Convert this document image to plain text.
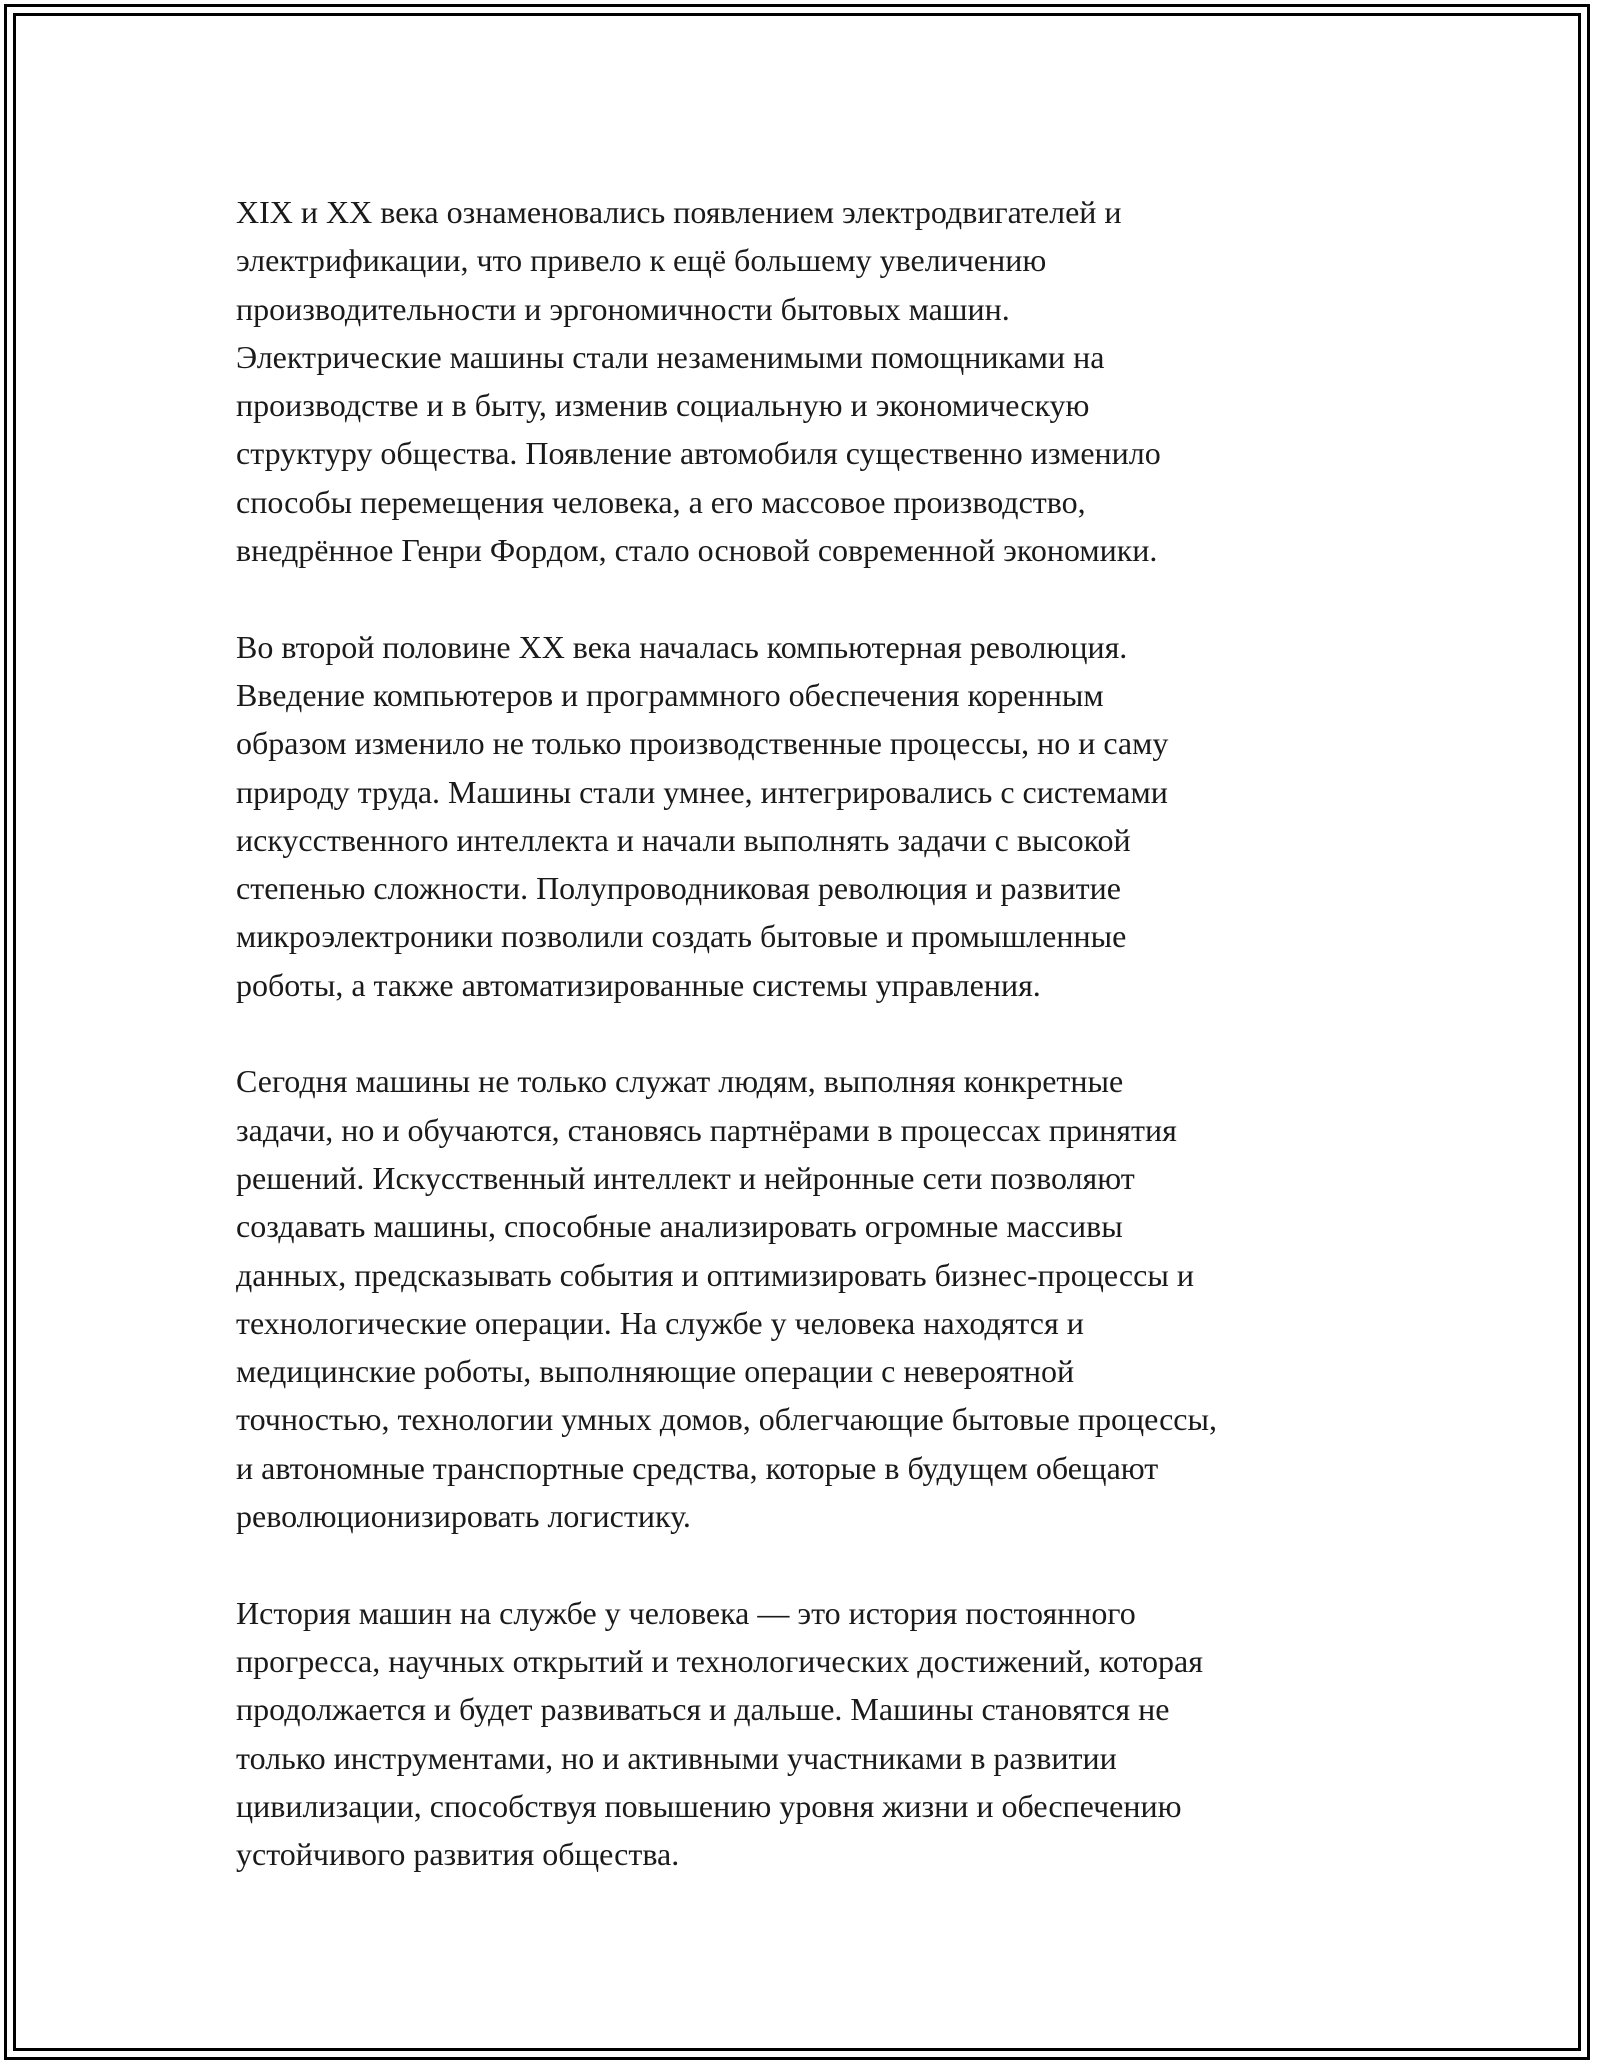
XIX и XX века ознаменовались появлением электродвигателей и
электрификации, что привело к ещё большему увеличению
производительности и эргономичности бытовых машин.
Электрические машины стали незаменимыми помощниками на
производстве и в быту, изменив социальную и экономическую
структуру общества. Появление автомобиля существенно изменило
способы перемещения человека, а его массовое производство,
внедрённое Генри Фордом, стало основой современной экономики.

Во второй половине XX века началась компьютерная революция.
Введение компьютеров и программного обеспечения коренным
образом изменило не только производственные процессы, но и саму
природу труда. Машины стали умнее, интегрировались с системами
искусственного интеллекта и начали выполнять задачи с высокой
степенью сложности. Полупроводниковая революция и развитие
микроэлектроники позволили создать бытовые и промышленные
роботы, а также автоматизированные системы управления.

Сегодня машины не только служат людям, выполняя конкретные
задачи, но и обучаются, становясь партнёрами в процессах принятия
решений. Искусственный интеллект и нейронные сети позволяют
создавать машины, способные анализировать огромные массивы
данных, предсказывать события и оптимизировать бизнес-процессы и
технологические операции. На службе у человека находятся и
медицинские роботы, выполняющие операции с невероятной
точностью, технологии умных домов, облегчающие бытовые процессы,
и автономные транспортные средства, которые в будущем обещают
революционизировать логистику.

История машин на службе у человека — это история постоянного
прогресса, научных открытий и технологических достижений, которая
продолжается и будет развиваться и дальше. Машины становятся не
только инструментами, но и активными участниками в развитии
цивилизации, способствуя повышению уровня жизни и обеспечению
устойчивого развития общества.
